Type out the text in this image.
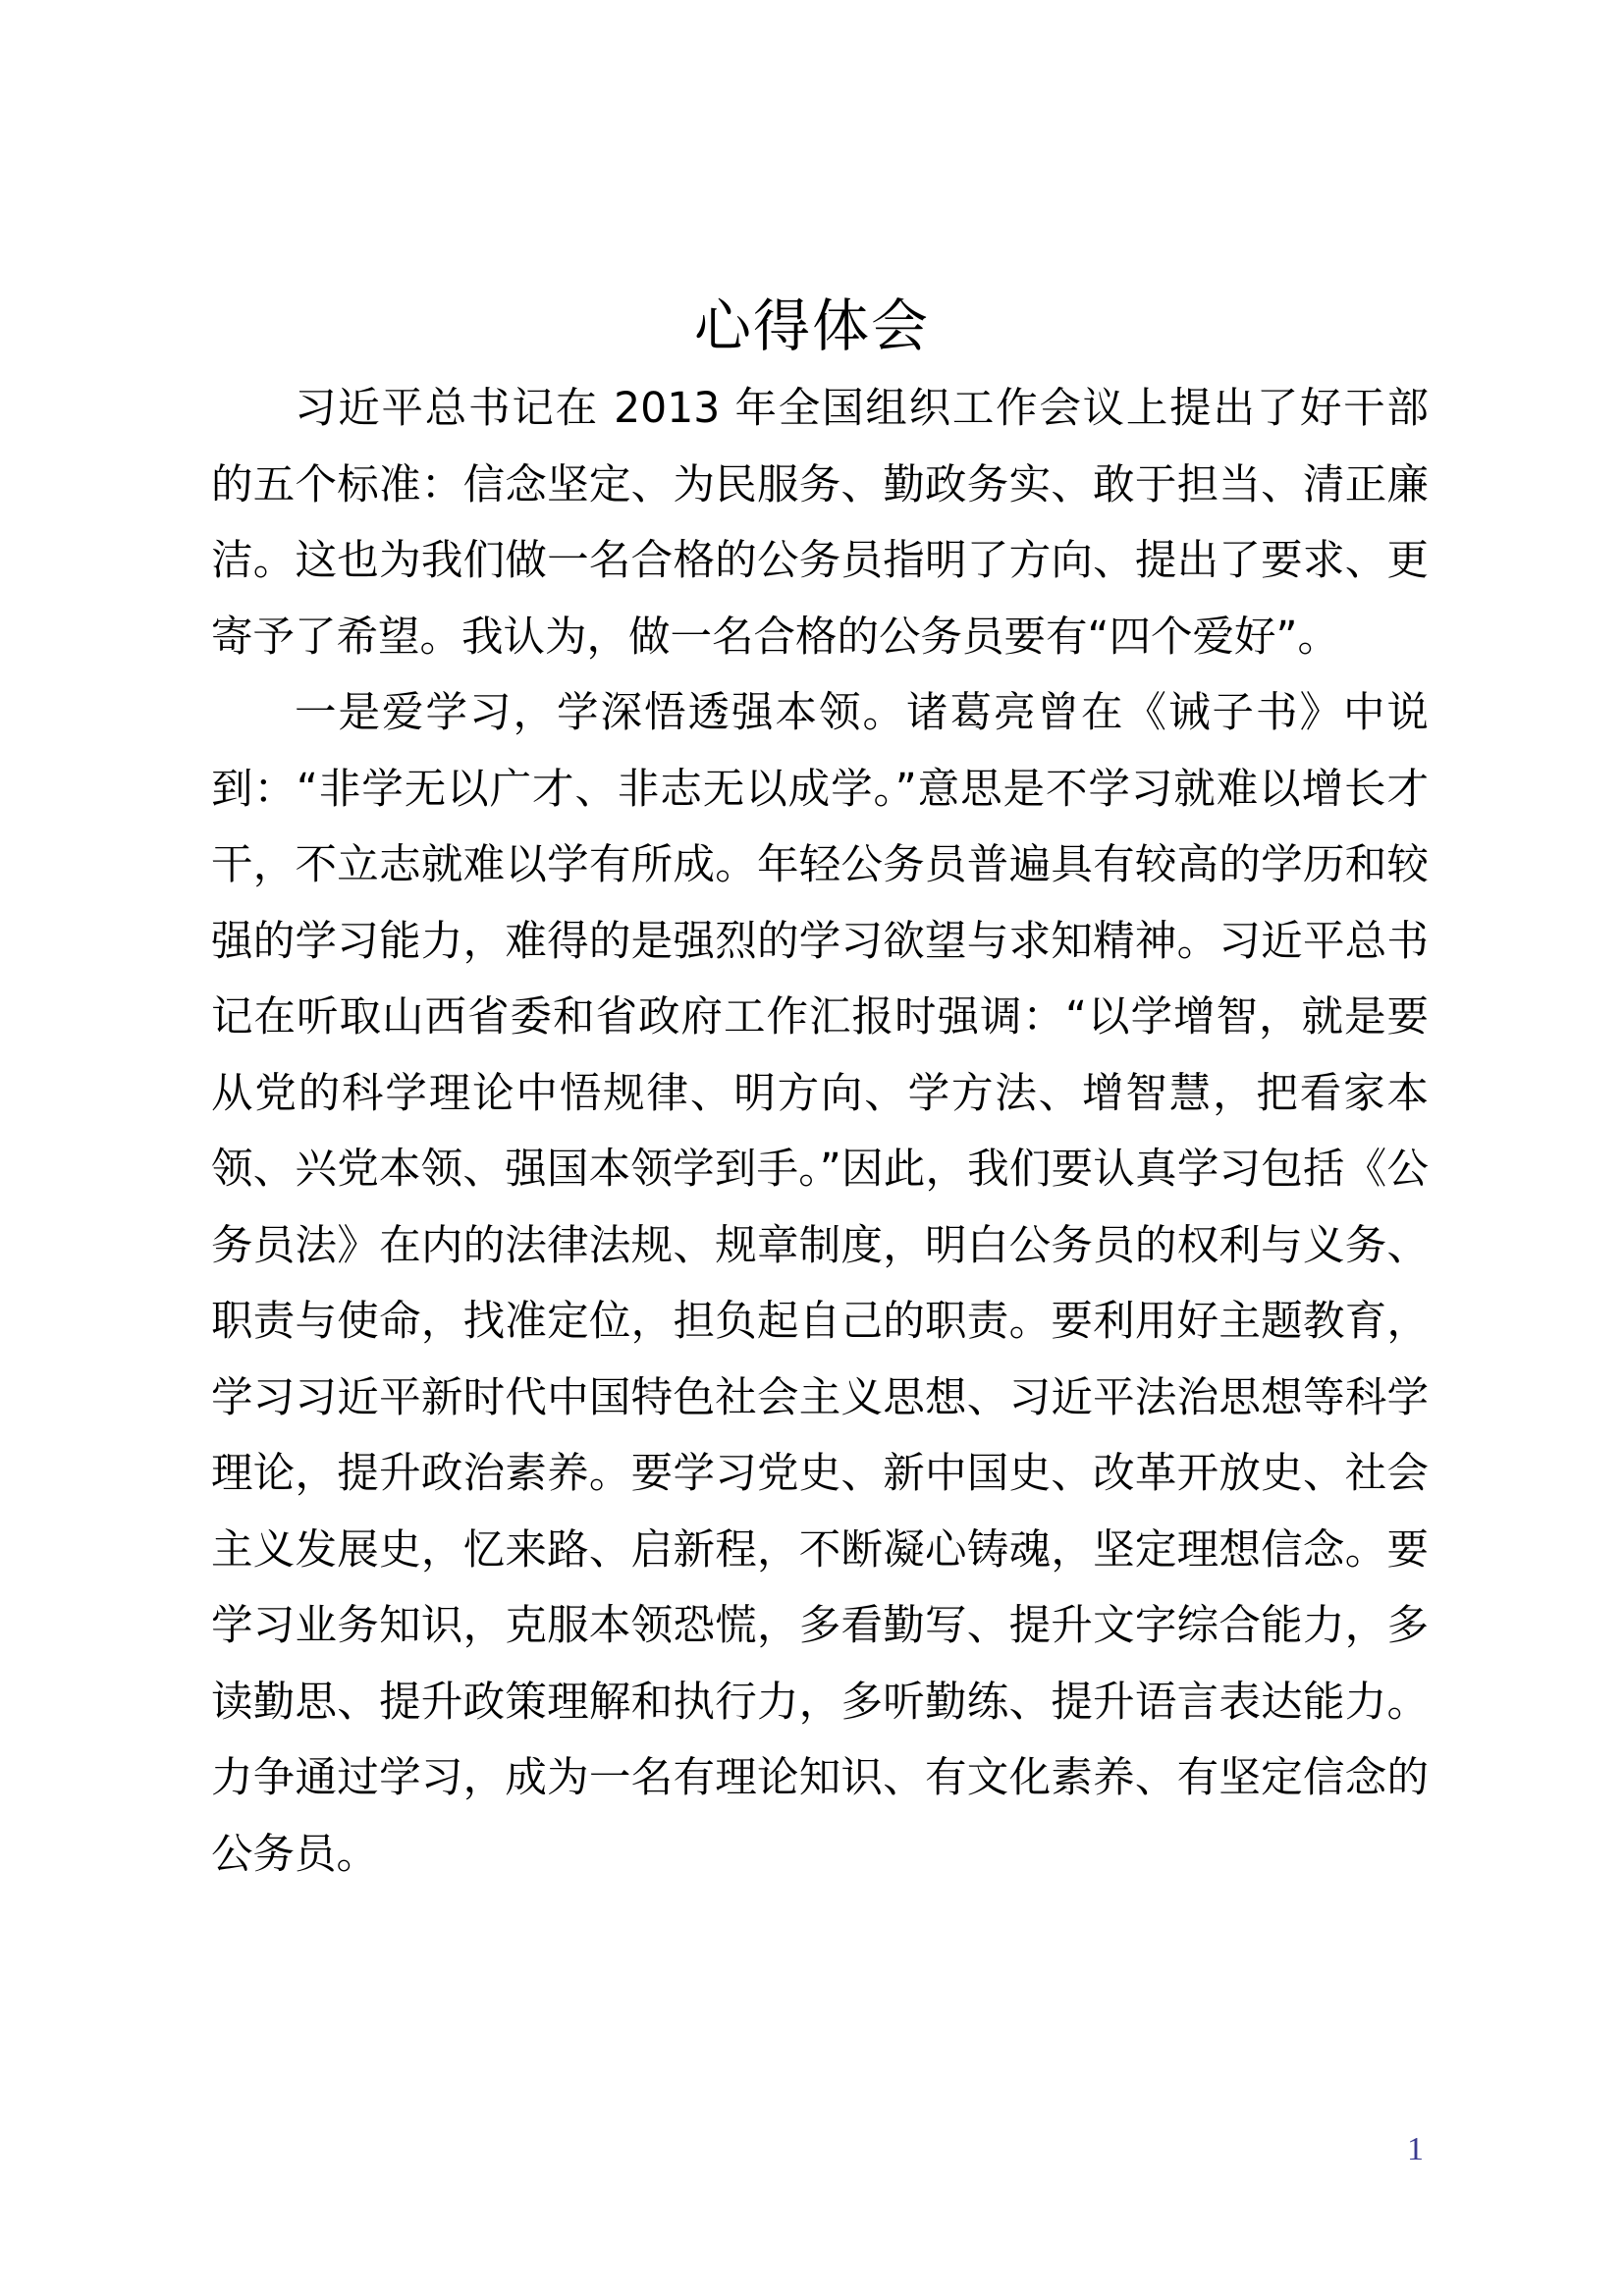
心得体会

习近平总书记在 2013 年全国组织工作会议上提出了好干部的五个标准：信念坚定、为民服务、勤政务实、敢于担当、清正廉洁。这也为我们做一名合格的公务员指明了方向、提出了要求、更寄予了希望。我认为，做一名合格的公务员要有“四个爱好”。

一是爱学习，学深悟透强本领。诸葛亮曾在《诫子书》中说到：“非学无以广才、非志无以成学。”意思是不学习就难以增长才干，不立志就难以学有所成。年轻公务员普遍具有较高的学历和较强的学习能力，难得的是强烈的学习欲望与求知精神。习近平总书记在听取山西省委和省政府工作汇报时强调：“以学增智，就是要从党的科学理论中悟规律、明方向、学方法、增智慧，把看家本领、兴党本领、强国本领学到手。”因此，我们要认真学习包括《公务员法》在内的法律法规、规章制度，明白公务员的权利与义务、职责与使命，找准定位，担负起自己的职责。要利用好主题教育，学习习近平新时代中国特色社会主义思想、习近平法治思想等科学理论，提升政治素养。要学习党史、新中国史、改革开放史、社会主义发展史，忆来路、启新程，不断凝心铸魂，坚定理想信念。要学习业务知识，克服本领恐慌，多看勤写、提升文字综合能力，多读勤思、提升政策理解和执行力，多听勤练、提升语言表达能力。力争通过学习，成为一名有理论知识、有文化素养、有坚定信念的公务员。

1
